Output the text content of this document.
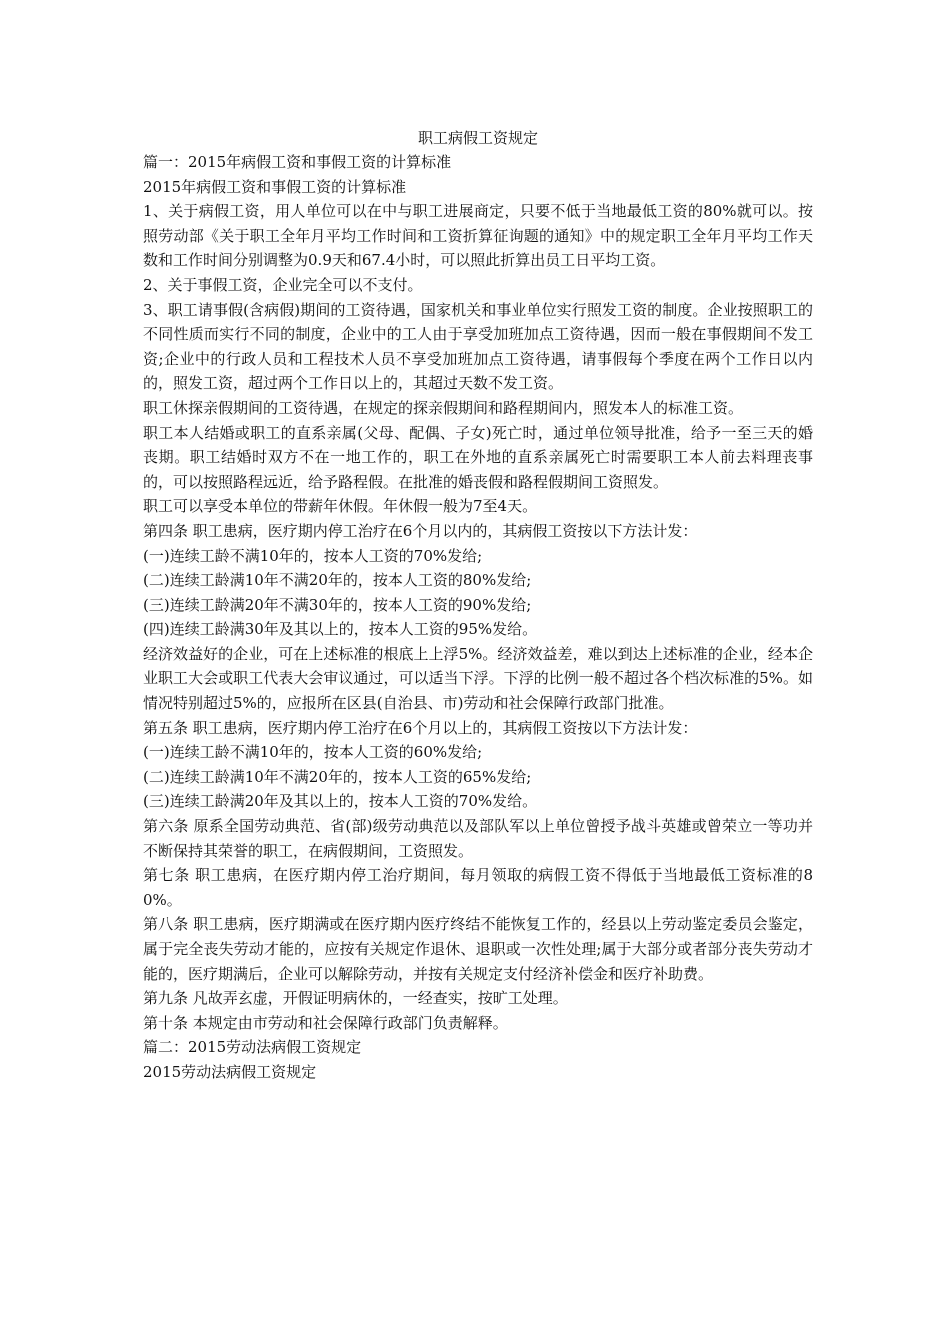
职工病假工资规定

篇一：2015年病假工资和事假工资的计算标准

2015年病假工资和事假工资的计算标准

1、关于病假工资，用人单位可以在中与职工进展商定，只要不低于当地最低工资的80%就可以。按照劳动部《关于职工全年月平均工作时间和工资折算征询题的通知》中的规定职工全年月平均工作天数和工作时间分别调整为0.9天和67.4小时，可以照此折算出员工日平均工资。

2、关于事假工资，企业完全可以不支付。

3、职工请事假(含病假)期间的工资待遇，国家机关和事业单位实行照发工资的制度。企业按照职工的不同性质而实行不同的制度，企业中的工人由于享受加班加点工资待遇，因而一般在事假期间不发工资;企业中的行政人员和工程技术人员不享受加班加点工资待遇，请事假每个季度在两个工作日以内的，照发工资，超过两个工作日以上的，其超过天数不发工资。

职工休探亲假期间的工资待遇，在规定的探亲假期间和路程期间内，照发本人的标准工资。

职工本人结婚或职工的直系亲属(父母、配偶、子女)死亡时，通过单位领导批准，给予一至三天的婚丧期。职工结婚时双方不在一地工作的，职工在外地的直系亲属死亡时需要职工本人前去料理丧事的，可以按照路程远近，给予路程假。在批准的婚丧假和路程假期间工资照发。

职工可以享受本单位的带薪年休假。年休假一般为7至4天。

第四条 职工患病，医疗期内停工治疗在6个月以内的，其病假工资按以下方法计发：

(一)连续工龄不满10年的，按本人工资的70%发给;

(二)连续工龄满10年不满20年的，按本人工资的80%发给;

(三)连续工龄满20年不满30年的，按本人工资的90%发给;

(四)连续工龄满30年及其以上的，按本人工资的95%发给。

经济效益好的企业，可在上述标准的根底上上浮5%。经济效益差，难以到达上述标准的企业，经本企业职工大会或职工代表大会审议通过，可以适当下浮。下浮的比例一般不超过各个档次标准的5%。如情况特别超过5%的，应报所在区县(自治县、市)劳动和社会保障行政部门批准。

第五条 职工患病，医疗期内停工治疗在6个月以上的，其病假工资按以下方法计发：

(一)连续工龄不满10年的，按本人工资的60%发给;

(二)连续工龄满10年不满20年的，按本人工资的65%发给;

(三)连续工龄满20年及其以上的，按本人工资的70%发给。

第六条 原系全国劳动典范、省(部)级劳动典范以及部队军以上单位曾授予战斗英雄或曾荣立一等功并不断保持其荣誉的职工，在病假期间，工资照发。

第七条 职工患病，在医疗期内停工治疗期间，每月领取的病假工资不得低于当地最低工资标准的80%。

第八条 职工患病，医疗期满或在医疗期内医疗终结不能恢复工作的，经县以上劳动鉴定委员会鉴定，属于完全丧失劳动才能的，应按有关规定作退休、退职或一次性处理;属于大部分或者部分丧失劳动才能的，医疗期满后，企业可以解除劳动，并按有关规定支付经济补偿金和医疗补助费。

第九条 凡故弄玄虚，开假证明病休的，一经查实，按旷工处理。

第十条 本规定由市劳动和社会保障行政部门负责解释。

篇二：2015劳动法病假工资规定

2015劳动法病假工资规定
